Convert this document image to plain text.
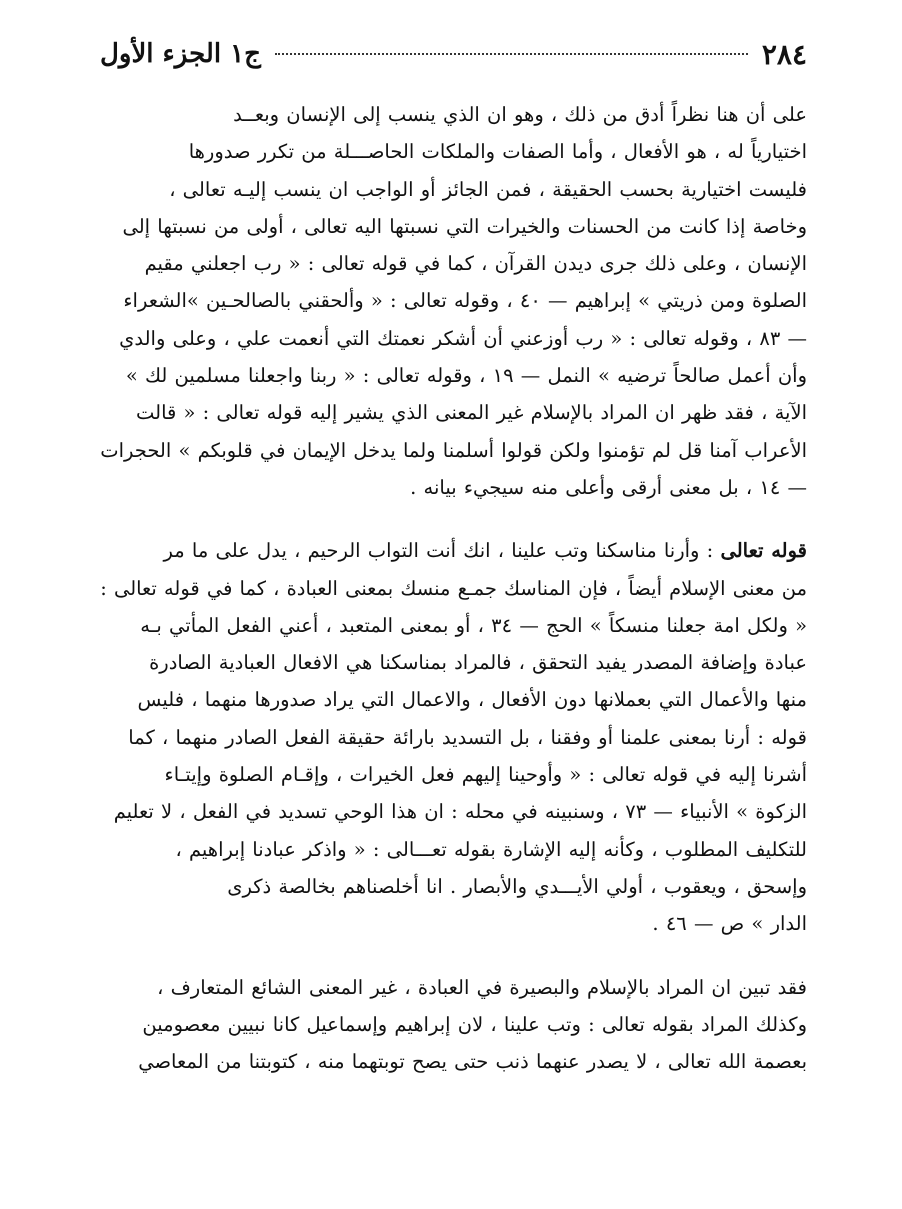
٢٨٤
ج١ الجزء الأول

على أن هنا نظراً أدق من ذلك ، وهو ان الذي ينسب إلى الإنسان وبعــد
اختيارياً له ، هو الأفعال ، وأما الصفات والملكات الحاصـــلة من تكرر صدورها
فليست اختيارية بحسب الحقيقة ، فمن الجائز أو الواجب ان ينسب إليـه تعالى ،
وخاصة إذا كانت من الحسنات والخيرات التي نسبتها اليه تعالى ، أولى من نسبتها إلى
الإنسان ، وعلى ذلك جرى ديدن القرآن ، كما في قوله تعالى : « رب اجعلني مقيم
الصلوة ومن ذريتي » إبراهيم — ٤٠ ، وقوله تعالى : « وألحقني بالصالحـين »الشعراء
— ٨٣ ، وقوله تعالى : « رب أوزعني أن أشكر نعمتك التي أنعمت علي ، وعلى والدي
وأن أعمل صالحاً ترضيه » النمل — ١٩ ، وقوله تعالى : « ربنا واجعلنا مسلمين لك »
الآية ، فقد ظهر ان المراد بالإسلام غير المعنى الذي يشير إليه قوله تعالى : « قالت
الأعراب آمنا قل لم تؤمنوا ولكن قولوا أسلمنا ولما يدخل الإيمان في قلوبكم » الحجرات
— ١٤ ، بل معنى أرقى وأعلى منه سيجيء بيانه .

قوله تعالى : وأرنا مناسكنا وتب علينا ، انك أنت التواب الرحيم ، يدل على ما مر
من معنى الإسلام أيضاً ، فإن المناسك جمـع منسك بمعنى العبادة ، كما في قوله تعالى :
« ولكل امة جعلنا منسكاً » الحج — ٣٤ ، أو بمعنى المتعبد ، أعني الفعل المأتي بـه
عبادة وإضافة المصدر يفيد التحقق ، فالمراد بمناسكنا هي الافعال العبادية الصادرة
منها والأعمال التي بعملانها دون الأفعال ، والاعمال التي يراد صدورها منهما ، فليس
قوله : أرنا بمعنى علمنا أو وفقنا ، بل التسديد بارائة حقيقة الفعل الصادر منهما ، كما
أشرنا إليه في قوله تعالى : « وأوحينا إليهم فعل الخيرات ، وإقـام الصلوة وإيتـاء
الزكوة » الأنبياء — ٧٣ ، وسنبينه في محله : ان هذا الوحي تسديد في الفعل ، لا تعليم
للتكليف المطلوب ، وكأنه إليه الإشارة بقوله تعـــالى : « واذكر عبادنا إبراهيم ،
وإسحق ، ويعقوب ، أولي الأيـــدي والأبصار . انا أخلصناهم بخالصة ذكرى
الدار » ص — ٤٦ .

فقد تبين ان المراد بالإسلام والبصيرة في العبادة ، غير المعنى الشائع المتعارف ،
وكذلك المراد بقوله تعالى : وتب علينا ، لان إبراهيم وإسماعيل كانا نبيين معصومين
بعصمة الله تعالى ، لا يصدر عنهما ذنب حتى يصح توبتهما منه ، كتوبتنا من المعاصي
